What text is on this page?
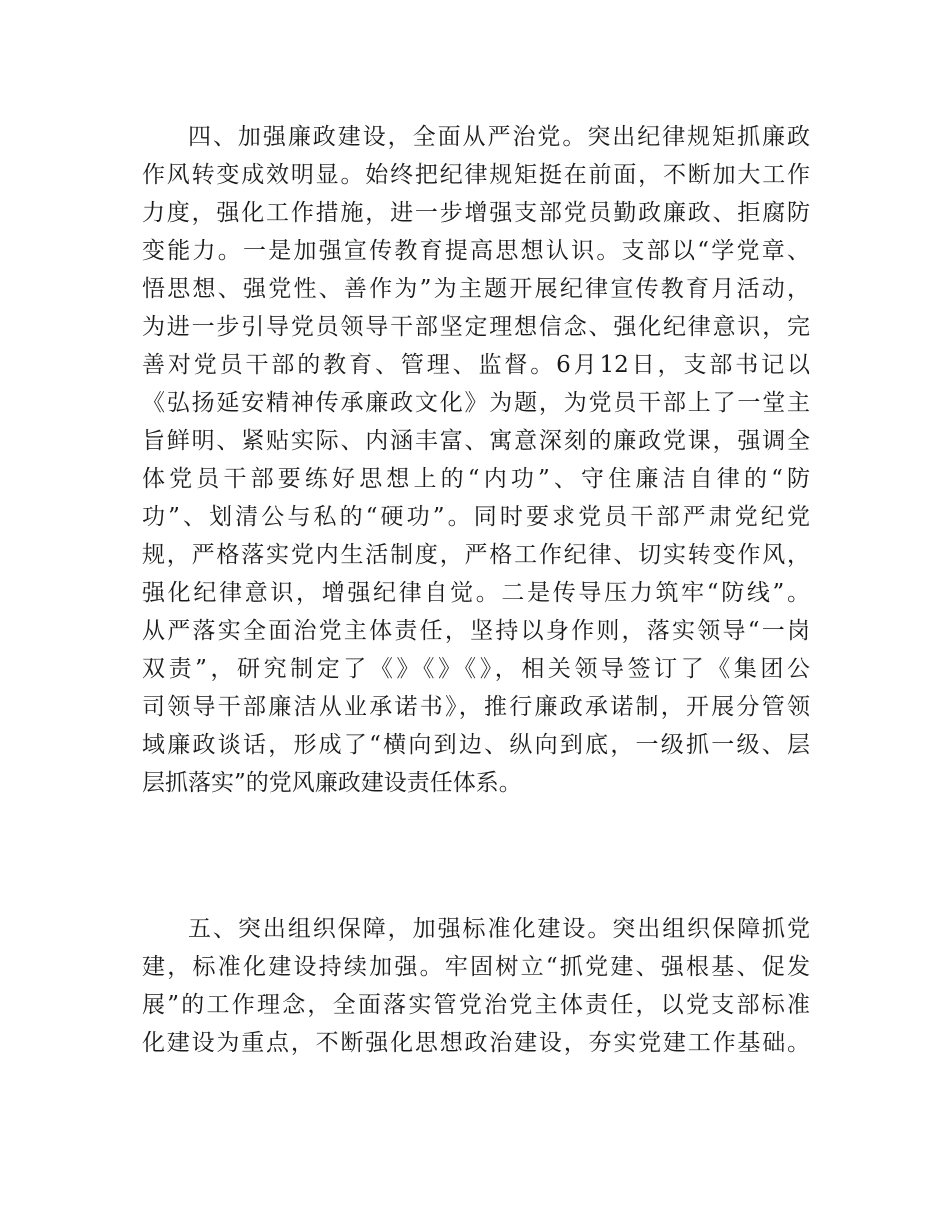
四、加强廉政建设，全面从严治党。突出纪律规矩抓廉政
作风转变成效明显。始终把纪律规矩挺在前面，不断加大工作
力度，强化工作措施，进一步增强支部党员勤政廉政、拒腐防
变能力。一是加强宣传教育提高思想认识。支部以“学党章、
悟思想、强党性、善作为”为主题开展纪律宣传教育月活动，
为进一步引导党员领导干部坚定理想信念、强化纪律意识，完
善对党员干部的教育、管理、监督。6月12日，支部书记以
《弘扬延安精神传承廉政文化》为题，为党员干部上了一堂主
旨鲜明、紧贴实际、内涵丰富、寓意深刻的廉政党课，强调全
体党员干部要练好思想上的“内功”、守住廉洁自律的“防
功”、划清公与私的“硬功”。同时要求党员干部严肃党纪党
规，严格落实党内生活制度，严格工作纪律、切实转变作风，
强化纪律意识，增强纪律自觉。二是传导压力筑牢“防线”。
从严落实全面治党主体责任，坚持以身作则，落实领导“一岗
双责”，研究制定了《》《》《》，相关领导签订了《集团公
司领导干部廉洁从业承诺书》，推行廉政承诺制，开展分管领
域廉政谈话，形成了“横向到边、纵向到底，一级抓一级、层
层抓落实”的党风廉政建设责任体系。
五、突出组织保障，加强标准化建设。突出组织保障抓党
建，标准化建设持续加强。牢固树立“抓党建、强根基、促发
展”的工作理念，全面落实管党治党主体责任，以党支部标准
化建设为重点，不断强化思想政治建设，夯实党建工作基础。
